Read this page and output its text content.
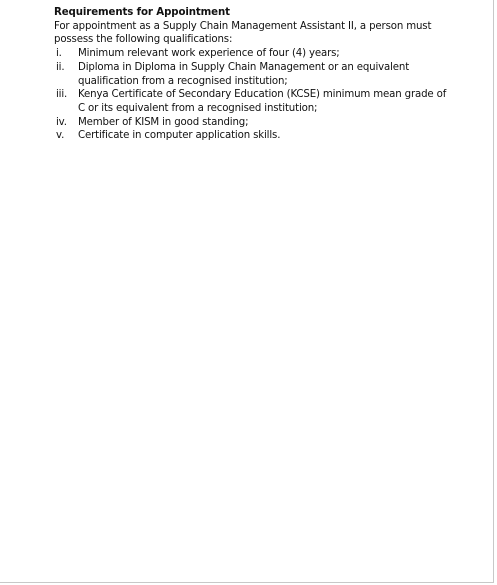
Requirements for Appointment

For appointment as a Supply Chain Management Assistant II, a person must possess the following qualifications:

i.	Minimum relevant work experience of four (4) years;
ii.	Diploma in Diploma in Supply Chain Management or an equivalent qualification from a recognised institution;
iii.	Kenya Certificate of Secondary Education (KCSE) minimum mean grade of C or its equivalent from a recognised institution;
iv.	Member of KISM in good standing;
v.	Certificate in computer application skills.
